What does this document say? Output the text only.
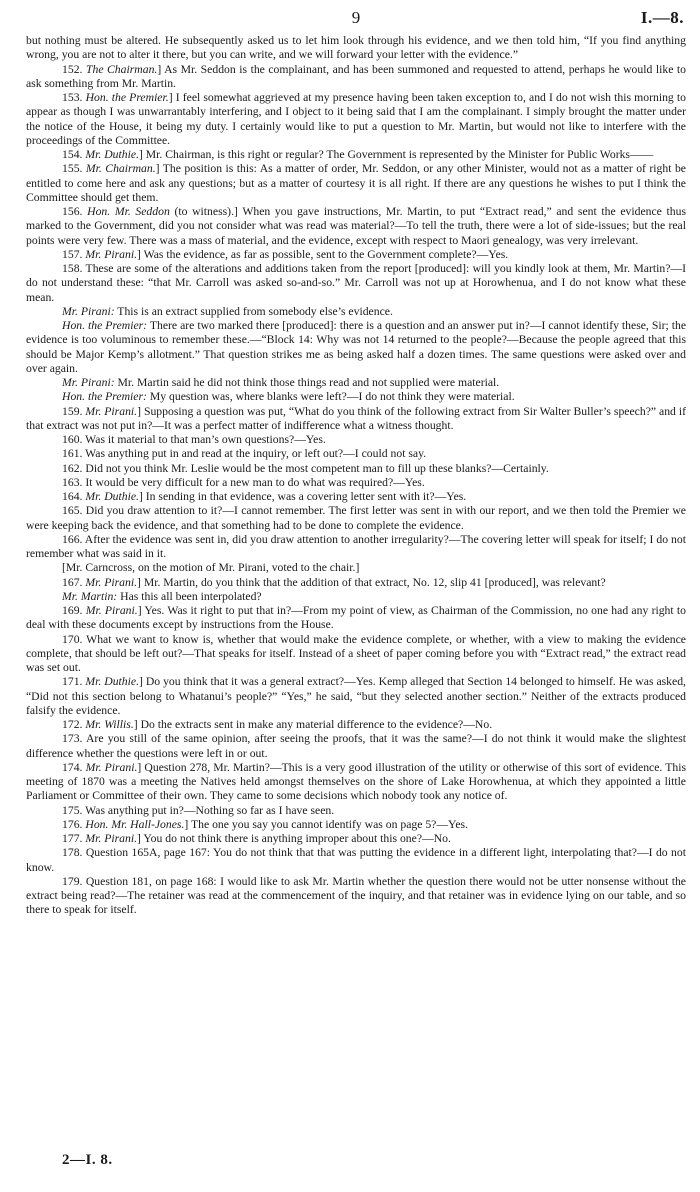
9	I.—8.

but nothing must be altered. He subsequently asked us to let him look through his evidence, and we then told him, “If you find anything wrong, you are not to alter it there, but you can write, and we will forward your letter with the evidence.”

152. The Chairman.] As Mr. Seddon is the complainant, and has been summoned and requested to attend, perhaps he would like to ask something from Mr. Martin.

153. Hon. the Premier.] I feel somewhat aggrieved at my presence having been taken exception to, and I do not wish this morning to appear as though I was unwarrantably interfering, and I object to it being said that I am the complainant. I simply brought the matter under the notice of the House, it being my duty. I certainly would like to put a question to Mr. Martin, but would not like to interfere with the proceedings of the Committee.

154. Mr. Duthie.] Mr. Chairman, is this right or regular? The Government is represented by the Minister for Public Works——

155. Mr. Chairman.] The position is this: As a matter of order, Mr. Seddon, or any other Minister, would not as a matter of right be entitled to come here and ask any questions; but as a matter of courtesy it is all right. If there are any questions he wishes to put I think the Committee should get them.

156. Hon. Mr. Seddon (to witness).] When you gave instructions, Mr. Martin, to put “Extract read,” and sent the evidence thus marked to the Government, did you not consider what was read was material?—To tell the truth, there were a lot of side-issues; but the real points were very few. There was a mass of material, and the evidence, except with respect to Maori genealogy, was very irrelevant.

157. Mr. Pirani.] Was the evidence, as far as possible, sent to the Government complete?—Yes.

158. These are some of the alterations and additions taken from the report [produced]: will you kindly look at them, Mr. Martin?—I do not understand these: “that Mr. Carroll was asked so-and-so.” Mr. Carroll was not up at Horowhenua, and I do not know what these mean.

Mr. Pirani: This is an extract supplied from somebody else’s evidence.

Hon. the Premier: There are two marked there [produced]: there is a question and an answer put in?—I cannot identify these, Sir; the evidence is too voluminous to remember these.—“Block 14: Why was not 14 returned to the people?—Because the people agreed that this should be Major Kemp’s allotment.” That question strikes me as being asked half a dozen times. The same questions were asked over and over again.

Mr. Pirani: Mr. Martin said he did not think those things read and not supplied were material.

Hon. the Premier: My question was, where blanks were left?—I do not think they were material.

159. Mr. Pirani.] Supposing a question was put, “What do you think of the following extract from Sir Walter Buller’s speech?” and if that extract was not put in?—It was a perfect matter of indifference what a witness thought.

160. Was it material to that man’s own questions?—Yes.

161. Was anything put in and read at the inquiry, or left out?—I could not say.

162. Did not you think Mr. Leslie would be the most competent man to fill up these blanks?—Certainly.

163. It would be very difficult for a new man to do what was required?—Yes.

164. Mr. Duthie.] In sending in that evidence, was a covering letter sent with it?—Yes.

165. Did you draw attention to it?—I cannot remember. The first letter was sent in with our report, and we then told the Premier we were keeping back the evidence, and that something had to be done to complete the evidence.

166. After the evidence was sent in, did you draw attention to another irregularity?—The covering letter will speak for itself; I do not remember what was said in it.

[Mr. Carncross, on the motion of Mr. Pirani, voted to the chair.]

167. Mr. Pirani.] Mr. Martin, do you think that the addition of that extract, No. 12, slip 41 [produced], was relevant?

Mr. Martin: Has this all been interpolated?

169. Mr. Pirani.] Yes. Was it right to put that in?—From my point of view, as Chairman of the Commission, no one had any right to deal with these documents except by instructions from the House.

170. What we want to know is, whether that would make the evidence complete, or whether, with a view to making the evidence complete, that should be left out?—That speaks for itself. Instead of a sheet of paper coming before you with “Extract read,” the extract read was set out.

171. Mr. Duthie.] Do you think that it was a general extract?—Yes. Kemp alleged that Section 14 belonged to himself. He was asked, “Did not this section belong to Whatanui’s people?” “Yes,” he said, “but they selected another section.” Neither of the extracts produced falsify the evidence.

172. Mr. Willis.] Do the extracts sent in make any material difference to the evidence?—No.

173. Are you still of the same opinion, after seeing the proofs, that it was the same?—I do not think it would make the slightest difference whether the questions were left in or out.

174. Mr. Pirani.] Question 278, Mr. Martin?—This is a very good illustration of the utility or otherwise of this sort of evidence. This meeting of 1870 was a meeting the Natives held amongst themselves on the shore of Lake Horowhenua, at which they appointed a little Parliament or Committee of their own. They came to some decisions which nobody took any notice of.

175. Was anything put in?—Nothing so far as I have seen.

176. Hon. Mr. Hall-Jones.] The one you say you cannot identify was on page 5?—Yes.

177. Mr. Pirani.] You do not think there is anything improper about this one?—No.

178. Question 165A, page 167: You do not think that that was putting the evidence in a different light, interpolating that?—I do not know.

179. Question 181, on page 168: I would like to ask Mr. Martin whether the question there would not be utter nonsense without the extract being read?—The retainer was read at the commencement of the inquiry, and that retainer was in evidence lying on our table, and so there to speak for itself.

2—I. 8.
